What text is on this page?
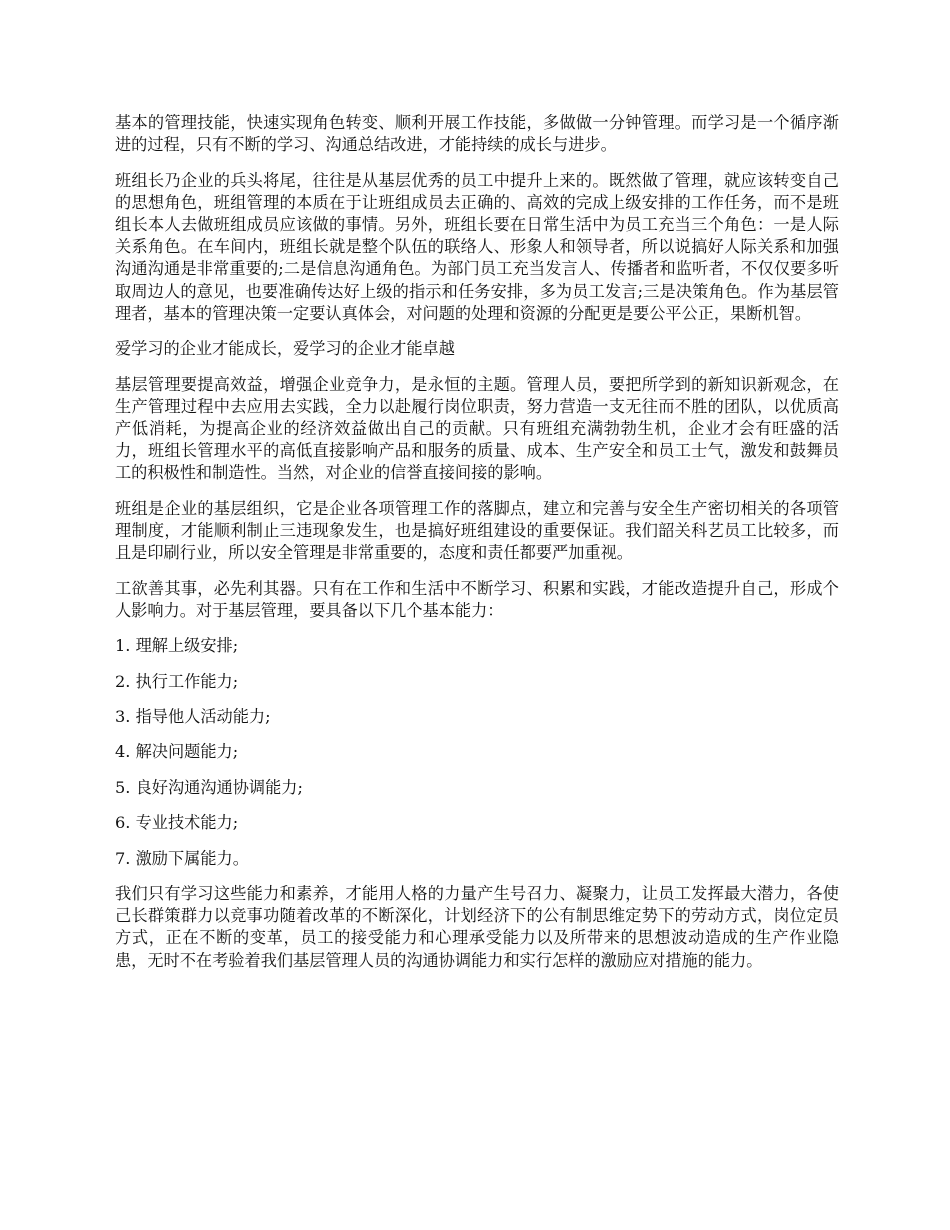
基本的管理技能，快速实现角色转变、顺利开展工作技能，多做做一分钟管理。而学习是一个循序渐进的过程，只有不断的学习、沟通总结改进，才能持续的成长与进步。

班组长乃企业的兵头将尾，往往是从基层优秀的员工中提升上来的。既然做了管理，就应该转变自己的思想角色，班组管理的本质在于让班组成员去正确的、高效的完成上级安排的工作任务，而不是班组长本人去做班组成员应该做的事情。另外，班组长要在日常生活中为员工充当三个角色：一是人际关系角色。在车间内，班组长就是整个队伍的联络人、形象人和领导者，所以说搞好人际关系和加强沟通沟通是非常重要的;二是信息沟通角色。为部门员工充当发言人、传播者和监听者，不仅仅要多听取周边人的意见，也要准确传达好上级的指示和任务安排，多为员工发言;三是决策角色。作为基层管理者，基本的管理决策一定要认真体会，对问题的处理和资源的分配更是要公平公正，果断机智。

爱学习的企业才能成长，爱学习的企业才能卓越

基层管理要提高效益，增强企业竞争力，是永恒的主题。管理人员，要把所学到的新知识新观念，在生产管理过程中去应用去实践，全力以赴履行岗位职责，努力营造一支无往而不胜的团队，以优质高产低消耗，为提高企业的经济效益做出自己的贡献。只有班组充满勃勃生机，企业才会有旺盛的活力，班组长管理水平的高低直接影响产品和服务的质量、成本、生产安全和员工士气，激发和鼓舞员工的积极性和制造性。当然，对企业的信誉直接间接的影响。

班组是企业的基层组织，它是企业各项管理工作的落脚点，建立和完善与安全生产密切相关的各项管理制度，才能顺利制止三违现象发生，也是搞好班组建设的重要保证。我们韶关科艺员工比较多，而且是印刷行业，所以安全管理是非常重要的，态度和责任都要严加重视。

工欲善其事，必先利其器。只有在工作和生活中不断学习、积累和实践，才能改造提升自己，形成个人影响力。对于基层管理，要具备以下几个基本能力：

1. 理解上级安排;

2. 执行工作能力;

3. 指导他人活动能力;

4. 解决问题能力;

5. 良好沟通沟通协调能力;

6. 专业技术能力;

7. 激励下属能力。

我们只有学习这些能力和素养，才能用人格的力量产生号召力、凝聚力，让员工发挥最大潜力，各使己长群策群力以竞事功随着改革的不断深化，计划经济下的公有制思维定势下的劳动方式，岗位定员方式，正在不断的变革，员工的接受能力和心理承受能力以及所带来的思想波动造成的生产作业隐患，无时不在考验着我们基层管理人员的沟通协调能力和实行怎样的激励应对措施的能力。
